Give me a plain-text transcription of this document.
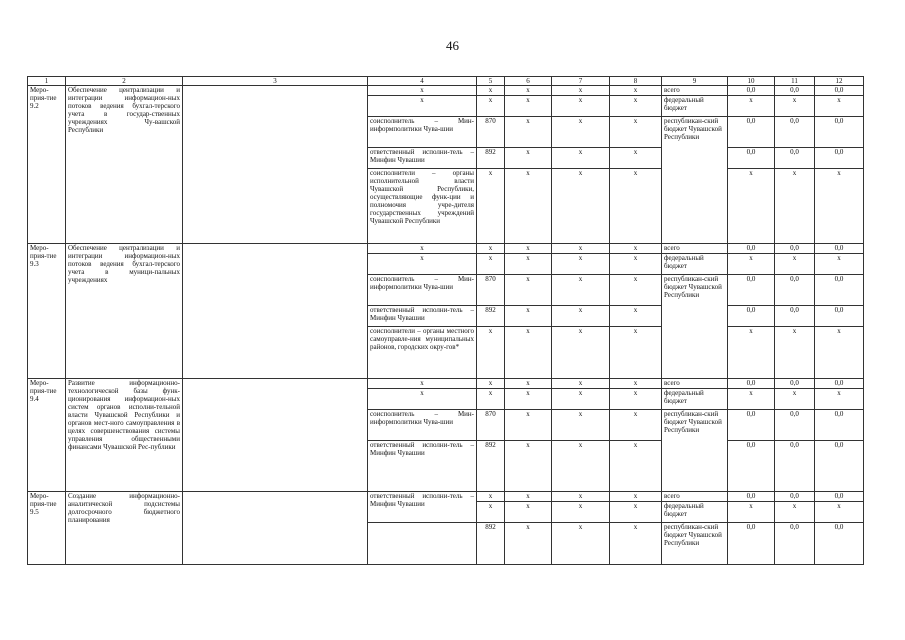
46
1	2	3	4	5	6	7	8	9	10	11	12
Меро-прия-тие 9.2	Обеспечение централизации и интеграции информацион-ных потоков ведения бухгал-терского учета в государ-ственных учреждениях Чу-вашской Республики		x	x	x	x	x	всего	0,0	0,0	0,0
			x	x	x	x	x	федеральный бюджет	x	x	x
			соисполнитель – Мин-информполитики Чува-шии	870	x	x	x	республикан-ский бюджет Чувашской Республики	0,0	0,0	0,0
			ответственный исполни-тель – Минфин Чувашии	892	x	x	x		0,0	0,0	0,0
			соисполнители – органы исполнительной власти Чувашской Республики, осуществляющие функ-ции и полномочия учре-дителя государственных учреждений Чувашской Республики	x	x	x	x		x	x	x
Меро-прия-тие 9.3	Обеспечение централизации и интеграции информацион-ных потоков ведения бухгал-терского учета в муници-пальных учреждениях		x	x	x	x	x	всего	0,0	0,0	0,0
			x	x	x	x	x	федеральный бюджет	x	x	x
			соисполнитель – Мин-информполитики Чува-шии	870	x	x	x	республикан-ский бюджет Чувашской Республики	0,0	0,0	0,0
			ответственный исполни-тель – Минфин Чувашии	892	x	x	x		0,0	0,0	0,0
			соисполнители – органы местного самоуправле-ния муниципальных районов, городских окру-гов*	x	x	x	x		x	x	x
Меро-прия-тие 9.4	Развитие информационно-технологической базы функ-ционирования информацион-ных систем органов исполни-тельной власти Чувашской Республики и органов мест-ного самоуправления в целях совершенствования системы управления общественными финансами Чувашской Рес-публики		x	x	x	x	x	всего	0,0	0,0	0,0
			x	x	x	x	x	федеральный бюджет	x	x	x
			соисполнитель – Мин-информполитики Чува-шии	870	x	x	x	республикан-ский бюджет Чувашской Республики	0,0	0,0	0,0
			ответственный исполни-тель – Минфин Чувашии	892	x	x	x		0,0	0,0	0,0
Меро-прия-тие 9.5	Создание информационно-аналитической подсистемы долгосрочного бюджетного планирования		ответственный исполни-тель – Минфин Чувашии	x	x	x	x	всего	0,0	0,0	0,0
				x	x	x	x	федеральный бюджет	x	x	x
				892	x	x	x	республикан-ский бюджет Чувашской Республики	0,0	0,0	0,0
